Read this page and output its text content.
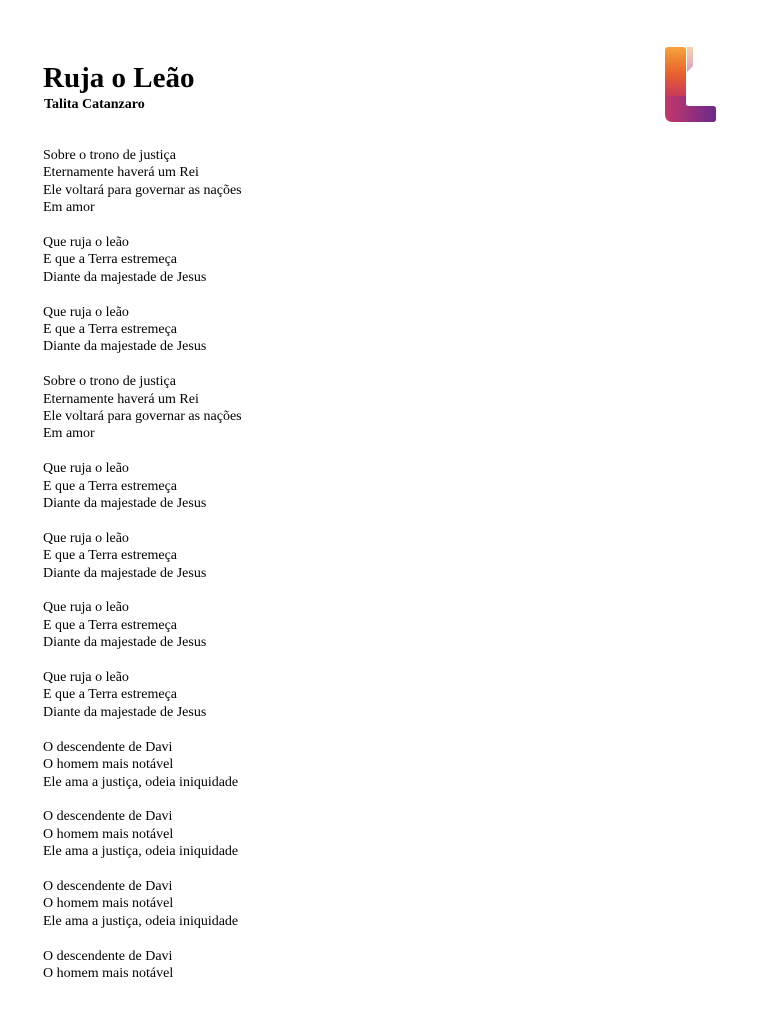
Ruja o Leão

Talita Catanzaro

Sobre o trono de justiça
Eternamente haverá um Rei
Ele voltará para governar as nações
Em amor
Que ruja o leão
E que a Terra estremeça
Diante da majestade de Jesus
Que ruja o leão
E que a Terra estremeça
Diante da majestade de Jesus
Sobre o trono de justiça
Eternamente haverá um Rei
Ele voltará para governar as nações
Em amor
Que ruja o leão
E que a Terra estremeça
Diante da majestade de Jesus
Que ruja o leão
E que a Terra estremeça
Diante da majestade de Jesus
Que ruja o leão
E que a Terra estremeça
Diante da majestade de Jesus
Que ruja o leão
E que a Terra estremeça
Diante da majestade de Jesus
O descendente de Davi
O homem mais notável
Ele ama a justiça, odeia iniquidade
O descendente de Davi
O homem mais notável
Ele ama a justiça, odeia iniquidade
O descendente de Davi
O homem mais notável
Ele ama a justiça, odeia iniquidade
O descendente de Davi
O homem mais notável
